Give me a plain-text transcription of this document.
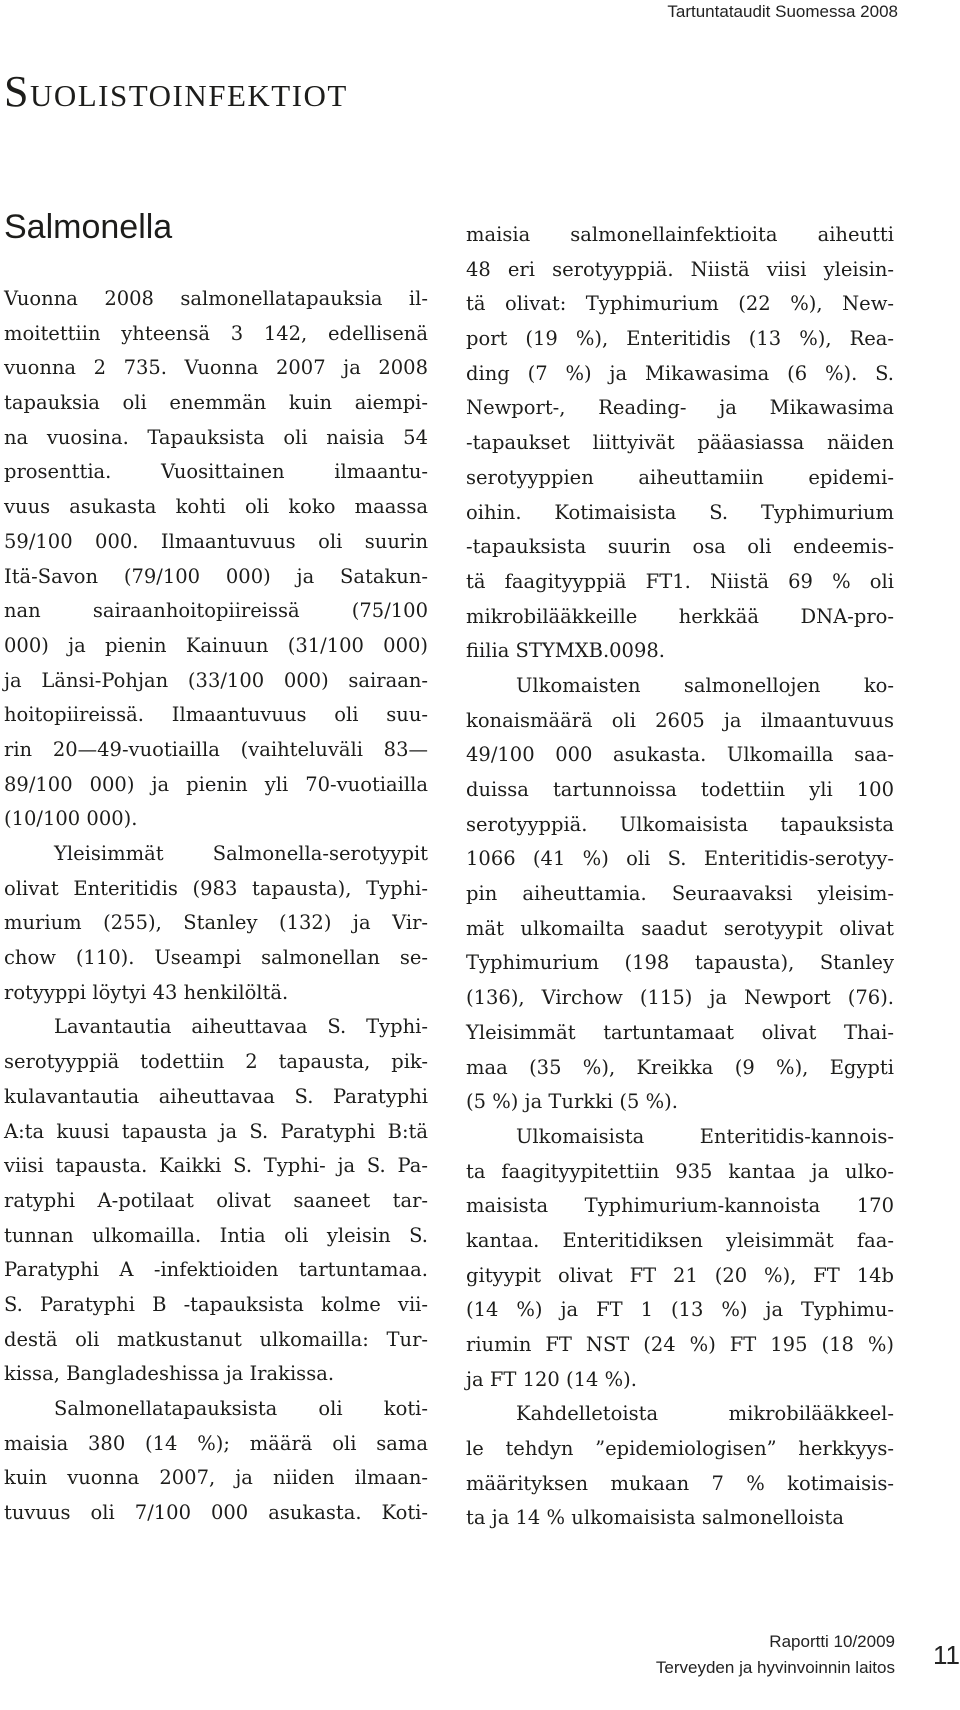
Tartuntataudit Suomessa 2008
Suolistoinfektiot
Salmonella
Vuonna 2008 salmonellatapauksia il-
moitettiin yhteensä 3 142, edellisenä
vuonna 2 735. Vuonna 2007 ja 2008
tapauksia oli enemmän kuin aiempi-
na vuosina. Tapauksista oli naisia 54
prosenttia. Vuosittainen ilmaantu-
vuus asukasta kohti oli koko maassa
59/100 000. Ilmaantuvuus oli suurin
Itä-Savon (79/100 000) ja Satakun-
nan sairaanhoitopiireissä (75/100
000) ja pienin Kainuun (31/100 000)
ja Länsi-Pohjan (33/100 000) sairaan-
hoitopiireissä. Ilmaantuvuus oli suu-
rin 20—49-vuotiailla (vaihteluväli 83—
89/100 000) ja pienin yli 70-vuotiailla
(10/100 000).
Yleisimmät Salmonella-serotyypit
olivat Enteritidis (983 tapausta), Typhi-
murium (255), Stanley (132) ja Vir-
chow (110). Useampi salmonellan se-
rotyyppi löytyi 43 henkilöltä.
Lavantautia aiheuttavaa S. Typhi-
serotyyppiä todettiin 2 tapausta, pik-
kulavantautia aiheuttavaa S. Paratyphi
A:ta kuusi tapausta ja S. Paratyphi B:tä
viisi tapausta. Kaikki S. Typhi- ja S. Pa-
ratyphi A-potilaat olivat saaneet tar-
tunnan ulkomailla. Intia oli yleisin S.
Paratyphi A -infektioiden tartuntamaa.
S. Paratyphi B -tapauksista kolme vii-
destä oli matkustanut ulkomailla: Tur-
kissa, Bangladeshissa ja Irakissa.
Salmonellatapauksista oli koti-
maisia 380 (14 %); määrä oli sama
kuin vuonna 2007, ja niiden ilmaan-
tuvuus oli 7/100 000 asukasta. Koti-
maisia salmonellainfektioita aiheutti
48 eri serotyyppiä. Niistä viisi yleisin-
tä olivat: Typhimurium (22 %), New-
port (19 %), Enteritidis (13 %), Rea-
ding (7 %) ja Mikawasima (6 %). S.
Newport-, Reading- ja Mikawasima
-tapaukset liittyivät pääasiassa näiden
serotyyppien aiheuttamiin epidemi-
oihin. Kotimaisista S. Typhimurium
-tapauksista suurin osa oli endeemis-
tä faagityyppiä FT1. Niistä 69 % oli
mikrobilääkkeille herkkää DNA-pro-
fiilia STYMXB.0098.
Ulkomaisten salmonellojen ko-
konaismäärä oli 2605 ja ilmaantuvuus
49/100 000 asukasta. Ulkomailla saa-
duissa tartunnoissa todettiin yli 100
serotyyppiä. Ulkomaisista tapauksista
1066 (41 %) oli S. Enteritidis-serotyy-
pin aiheuttamia. Seuraavaksi yleisim-
mät ulkomailta saadut serotyypit olivat
Typhimurium (198 tapausta), Stanley
(136), Virchow (115) ja Newport (76).
Yleisimmät tartuntamaat olivat Thai-
maa (35 %), Kreikka (9 %), Egypti
(5 %) ja Turkki (5 %).
Ulkomaisista Enteritidis-kannois-
ta faagityypitettiin 935 kantaa ja ulko-
maisista Typhimurium-kannoista 170
kantaa. Enteritidiksen yleisimmät faa-
gityypit olivat FT 21 (20 %), FT 14b
(14 %) ja FT 1 (13 %) ja Typhimu-
riumin FT NST (24 %) FT 195 (18 %)
ja FT 120 (14 %).
Kahdelletoista mikrobilääkkeel-
le tehdyn ”epidemiologisen” herkkyys-
määrityksen mukaan 7 % kotimaisis-
ta ja 14 % ulkomaisista salmonelloista
Raportti 10/2009
Terveyden ja hyvinvoinnin laitos 11
